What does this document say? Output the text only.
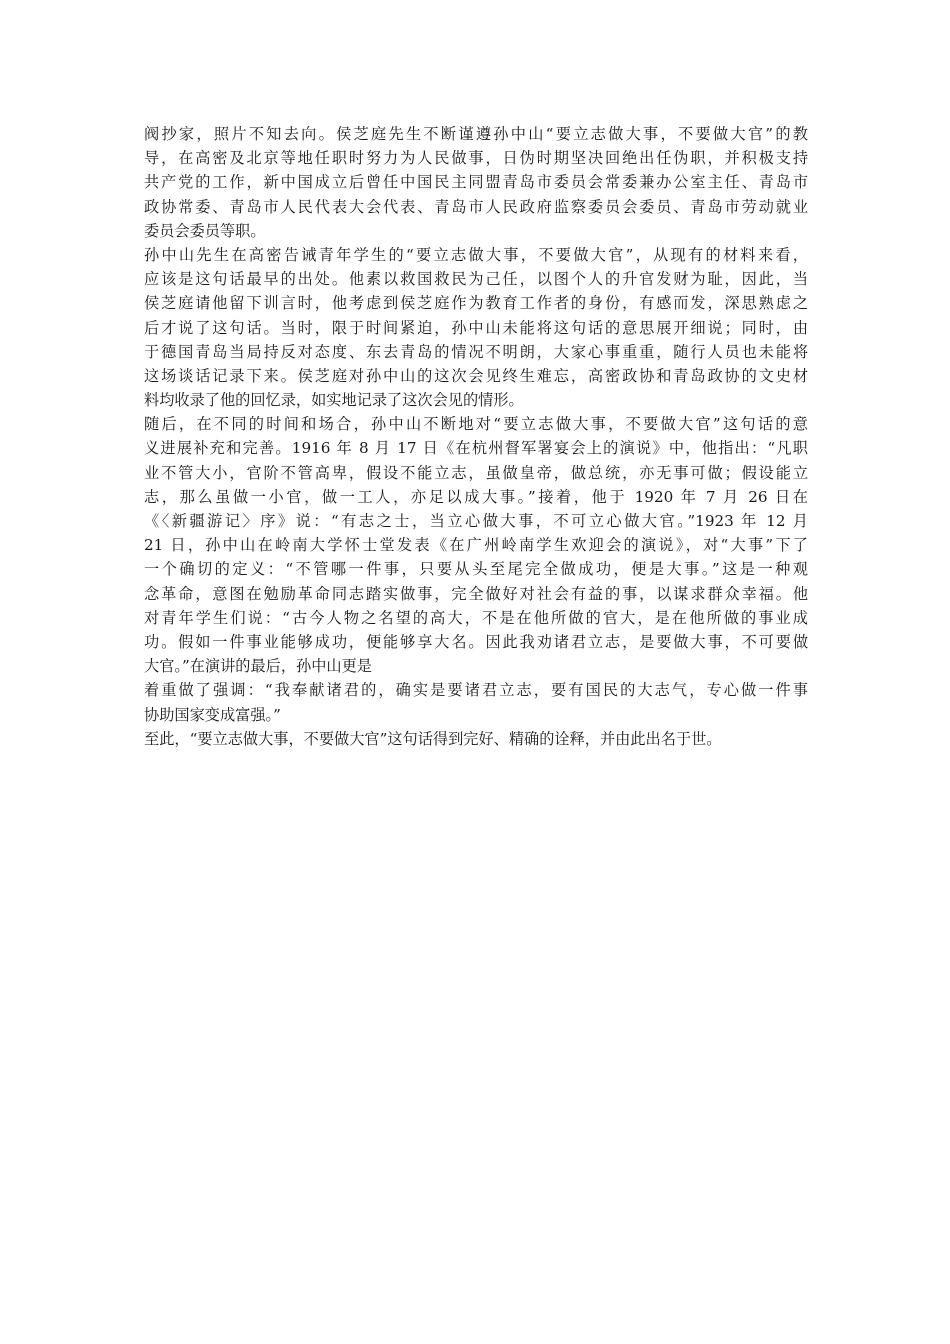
阀抄家，照片不知去向。侯芝庭先生不断谨遵孙中山“要立志做大事，不要做大官”的教
导，在高密及北京等地任职时努力为人民做事，日伪时期坚决回绝出任伪职，并积极支持
共产党的工作，新中国成立后曾任中国民主同盟青岛市委员会常委兼办公室主任、青岛市
政协常委、青岛市人民代表大会代表、青岛市人民政府监察委员会委员、青岛市劳动就业
委员会委员等职。
孙中山先生在高密告诫青年学生的“要立志做大事，不要做大官”，从现有的材料来看，
应该是这句话最早的出处。他素以救国救民为己任，以图个人的升官发财为耻，因此，当
侯芝庭请他留下训言时，他考虑到侯芝庭作为教育工作者的身份，有感而发，深思熟虑之
后才说了这句话。当时，限于时间紧迫，孙中山未能将这句话的意思展开细说；同时，由
于德国青岛当局持反对态度、东去青岛的情况不明朗，大家心事重重，随行人员也未能将
这场谈话记录下来。侯芝庭对孙中山的这次会见终生难忘，高密政协和青岛政协的文史材
料均收录了他的回忆录，如实地记录了这次会见的情形。
随后，在不同的时间和场合，孙中山不断地对“要立志做大事，不要做大官”这句话的意
义进展补充和完善。1916 年 8 月 17 日《在杭州督军署宴会上的演说》中，他指出：“凡职
业不管大小，官阶不管高卑，假设不能立志，虽做皇帝，做总统，亦无事可做；假设能立
志，那么虽做一小官，做一工人，亦足以成大事。”接着，他于 1920 年 7 月 26 日在
《〈新疆游记〉序》说：“有志之士，当立心做大事，不可立心做大官。”1923 年 12 月
21 日，孙中山在岭南大学怀士堂发表《在广州岭南学生欢迎会的演说》，对“大事”下了
一个确切的定义：“不管哪一件事，只要从头至尾完全做成功，便是大事。”这是一种观
念革命，意图在勉励革命同志踏实做事，完全做好对社会有益的事，以谋求群众幸福。他
对青年学生们说：“古今人物之名望的高大，不是在他所做的官大，是在他所做的事业成
功。假如一件事业能够成功，便能够享大名。因此我劝诸君立志，是要做大事，不可要做
大官。”在演讲的最后，孙中山更是
着重做了强调：“我奉献诸君的，确实是要诸君立志，要有国民的大志气，专心做一件事
协助国家变成富强。”
至此，“要立志做大事，不要做大官”这句话得到完好、精确的诠释，并由此出名于世。
